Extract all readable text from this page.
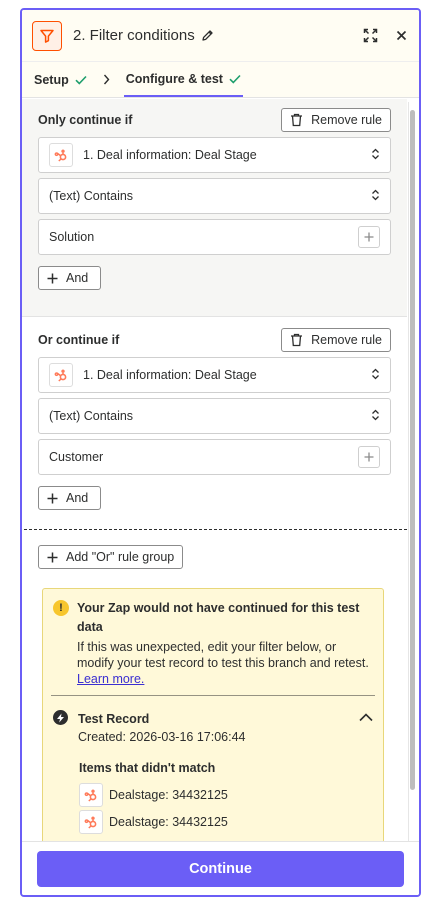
2. Filter conditions
Setup	Configure & test
Only continue if	Remove rule
1. Deal information: Deal Stage
(Text) Contains
Solution
And
Or continue if	Remove rule
1. Deal information: Deal Stage
(Text) Contains
Customer
And
Add "Or" rule group
!	Your Zap would not have continued for this test data
If this was unexpected, edit your filter below, or modify your test record to test this branch and retest. Learn more.
Test Record
Created: 2026-03-16 17:06:44
Items that didn't match
Dealstage: 34432125
Dealstage: 34432125
Continue
